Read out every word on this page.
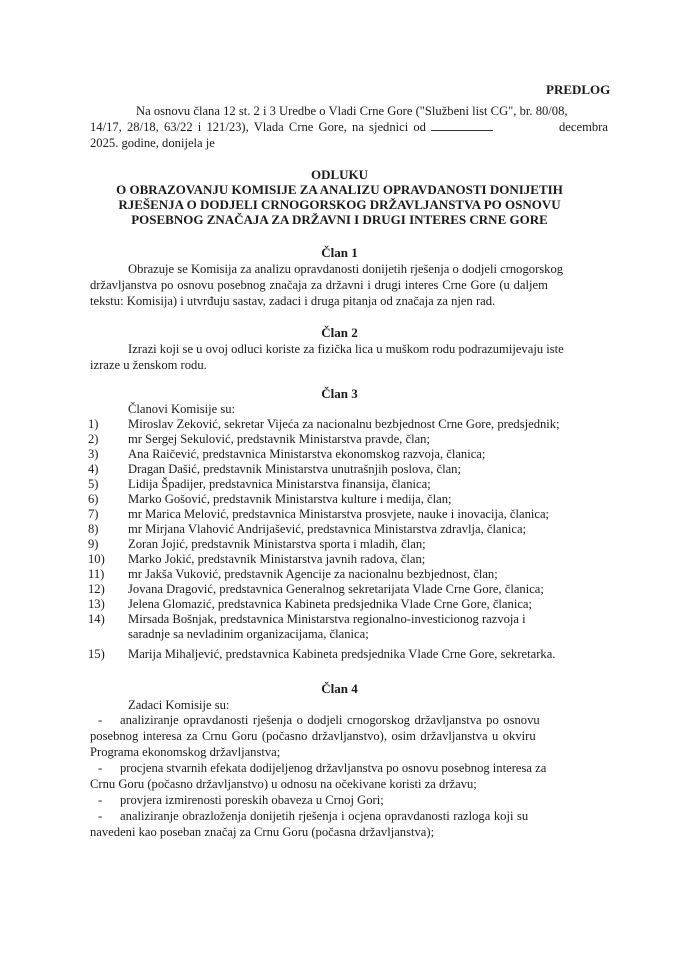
PREDLOG
Na osnovu člana 12 st. 2 i 3 Uredbe o Vladi Crne Gore ("Službeni list CG", br. 80/08,
14/17, 28/18, 63/22 i 121/23), Vlada Crne Gore, na sjednici od	decembra
2025. godine, donijela je
ODLUKU
O OBRAZOVANJU KOMISIJE ZA ANALIZU OPRAVDANOSTI DONIJETIH
RJEŠENJA O DODJELI CRNOGORSKOG DRŽAVLJANSTVA PO OSNOVU
POSEBNOG ZNAČAJA ZA DRŽAVNI I DRUGI INTERES CRNE GORE
Član 1
Obrazuje se Komisija za analizu opravdanosti donijetih rješenja o dodjeli crnogorskog
državljanstva po osnovu posebnog značaja za državni i drugi interes Crne Gore (u daljem
tekstu: Komisija) i utvrđuju sastav, zadaci i druga pitanja od značaja za njen rad.
Član 2
Izrazi koji se u ovoj odluci koriste za fizička lica u muškom rodu podrazumijevaju iste
izraze u ženskom rodu.
Član 3
Članovi Komisije su:
1) Miroslav Zeković, sekretar Vijeća za nacionalnu bezbjednost Crne Gore, predsjednik;
2) mr Sergej Sekulović, predstavnik Ministarstva pravde, član;
3) Ana Raičević, predstavnica Ministarstva ekonomskog razvoja, članica;
4) Dragan Dašić, predstavnik Ministarstva unutrašnjih poslova, član;
5) Lidija Špadijer, predstavnica Ministarstva finansija, članica;
6) Marko Gošović, predstavnik Ministarstva kulture i medija, član;
7) mr Marica Melović, predstavnica Ministarstva prosvjete, nauke i inovacija, članica;
8) mr Mirjana Vlahović Andrijašević, predstavnica Ministarstva zdravlja, članica;
9) Zoran Jojić, predstavnik Ministarstva sporta i mladih, član;
10) Marko Jokić, predstavnik Ministarstva javnih radova, član;
11) mr Jakša Vuković, predstavnik Agencije za nacionalnu bezbjednost, član;
12) Jovana Dragović, predstavnica Generalnog sekretarijata Vlade Crne Gore, članica;
13) Jelena Glomazić, predstavnica Kabineta predsjednika Vlade Crne Gore, članica;
14) Mirsada Bošnjak, predstavnica Ministarstva regionalno-investicionog razvoja i
saradnje sa nevladinim organizacijama, članica;
15) Marija Mihaljević, predstavnica Kabineta predsjednika Vlade Crne Gore, sekretarka.
Član 4
Zadaci Komisije su:
- analiziranje opravdanosti rješenja o dodjeli crnogorskog državljanstva po osnovu
posebnog interesa za Crnu Goru (počasno državljanstvo), osim državljanstva u okviru
Programa ekonomskog državljanstva;
- procjena stvarnih efekata dodijeljenog državljanstva po osnovu posebnog interesa za
Crnu Goru (počasno državljanstvo) u odnosu na očekivane koristi za državu;
- provjera izmirenosti poreskih obaveza u Crnoj Gori;
- analiziranje obrazloženja donijetih rješenja i ocjena opravdanosti razloga koji su
navedeni kao poseban značaj za Crnu Goru (počasna državljanstva);
